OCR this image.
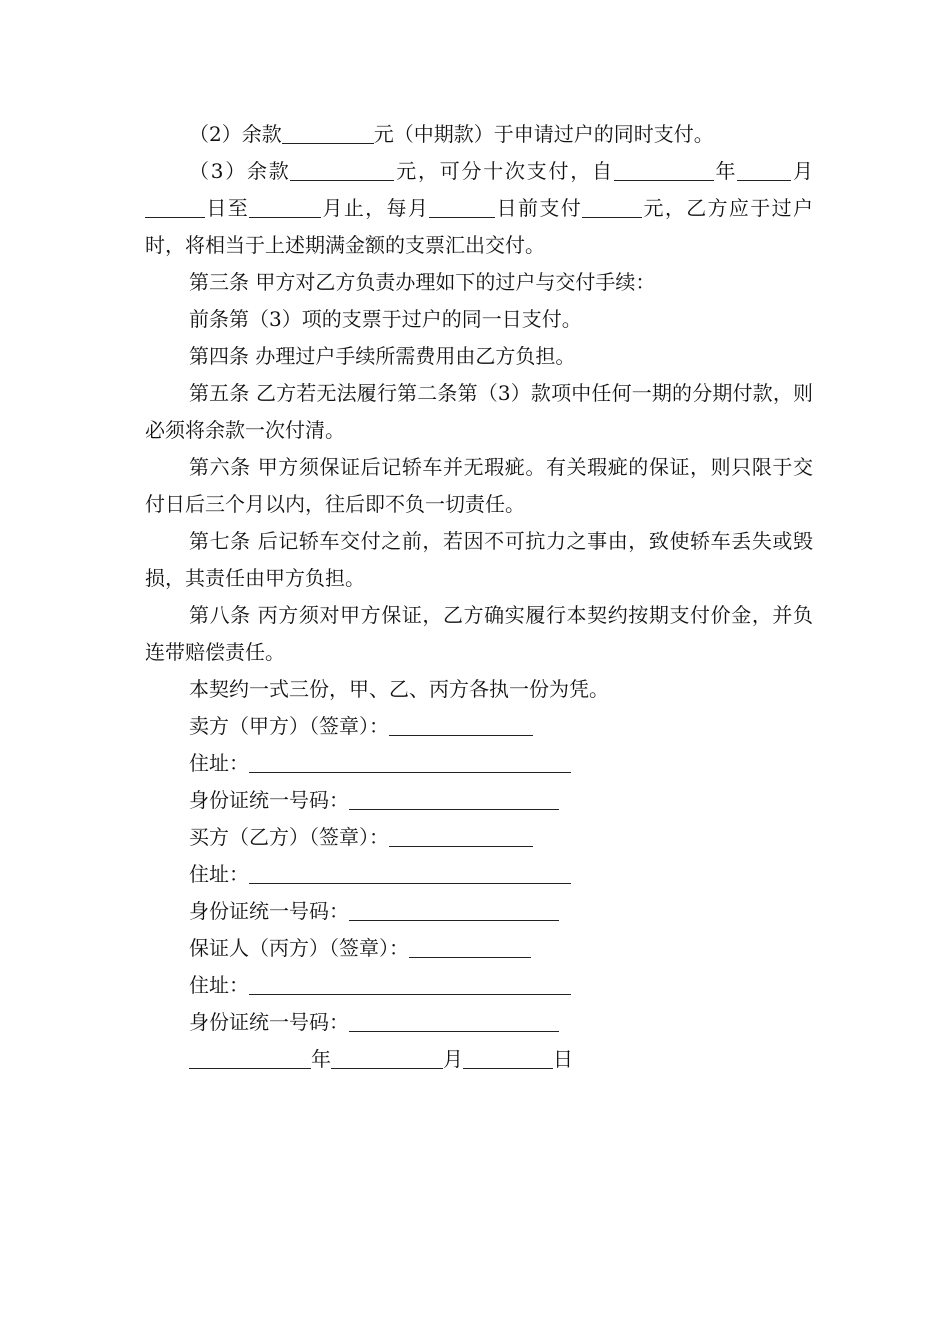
（2）余款	元（中期款）于申请过户的同时支付。

（3）余款	元，可分十次支付，自	年	月日至	月止，每月	日前支付	元，乙方应于过户时，将相当于上述期满金额的支票汇出交付。

第三条 甲方对乙方负责办理如下的过户与交付手续：

前条第（3）项的支票于过户的同一日支付。

第四条 办理过户手续所需费用由乙方负担。

第五条 乙方若无法履行第二条第（3）款项中任何一期的分期付款，则必须将余款一次付清。

第六条 甲方须保证后记轿车并无瑕疵。有关瑕疵的保证，则只限于交付日后三个月以内，往后即不负一切责任。

第七条 后记轿车交付之前，若因不可抗力之事由，致使轿车丢失或毁损，其责任由甲方负担。

第八条 丙方须对甲方保证，乙方确实履行本契约按期支付价金，并负连带赔偿责任。

本契约一式三份，甲、乙、丙方各执一份为凭。

卖方（甲方）（签章）：

住址：

身份证统一号码：

买方（乙方）（签章）：

住址：

身份证统一号码：

保证人（丙方）（签章）：

住址：

身份证统一号码：

年	月	日
